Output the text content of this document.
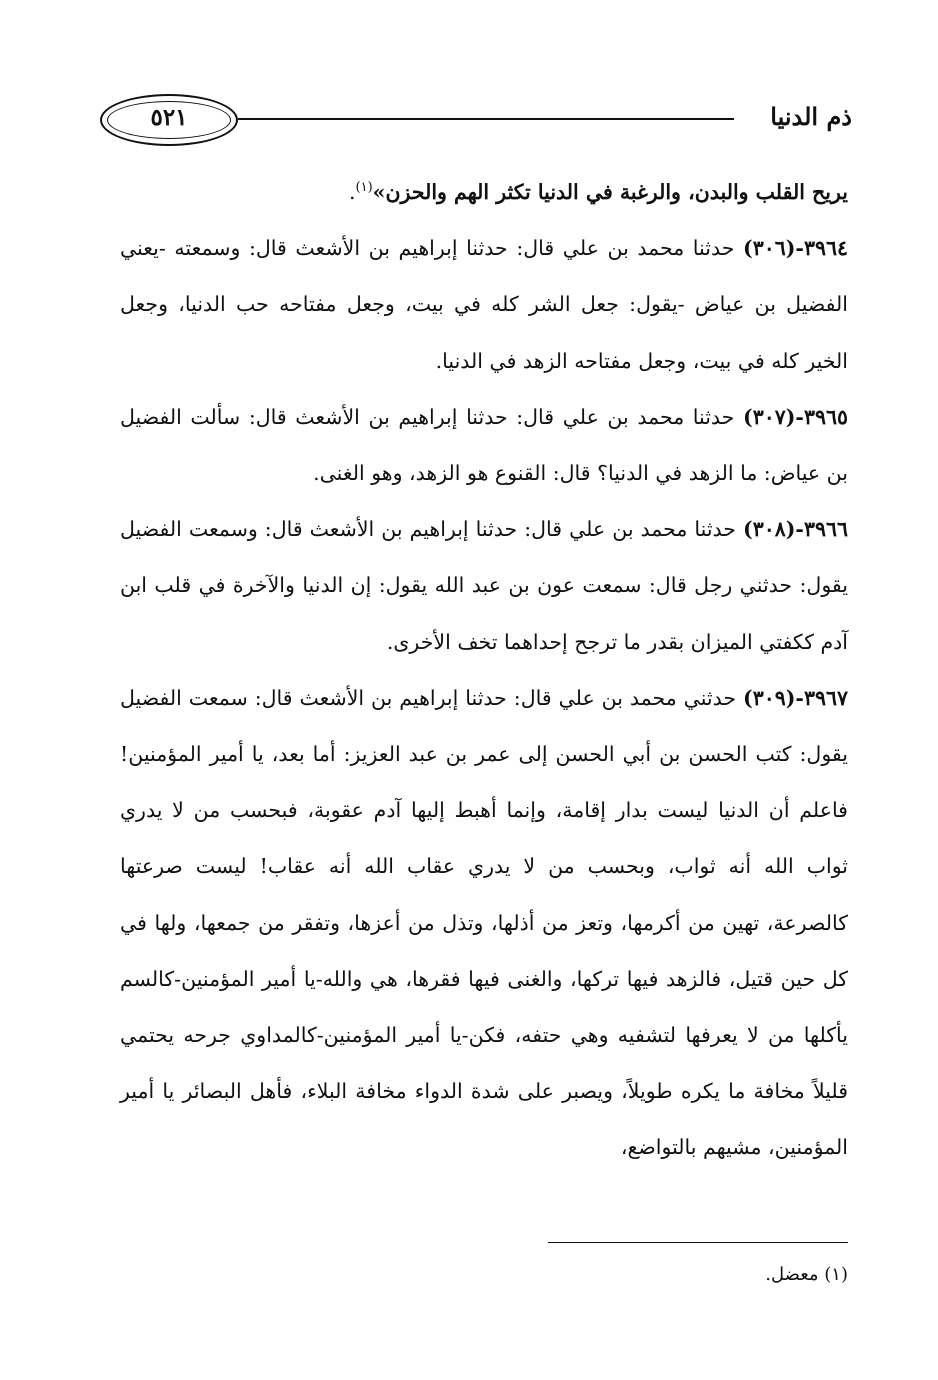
٥٢١	ذم الدنيا

يريح القلب والبدن، والرغبة في الدنيا تكثر الهم والحزن»$^{(١)}$.

٣٩٦٤-(٣٠٦) حدثنا محمد بن علي قال: حدثنا إبراهيم بن الأشعث قال: وسمعته -يعني الفضيل بن عياض -يقول: جعل الشر كله في بيت، وجعل مفتاحه حب الدنيا، وجعل الخير كله في بيت، وجعل مفتاحه الزهد في الدنيا.

٣٩٦٥-(٣٠٧) حدثنا محمد بن علي قال: حدثنا إبراهيم بن الأشعث قال: سألت الفضيل بن عياض: ما الزهد في الدنيا؟ قال: القنوع هو الزهد، وهو الغنى.

٣٩٦٦-(٣٠٨) حدثنا محمد بن علي قال: حدثنا إبراهيم بن الأشعث قال: وسمعت الفضيل يقول: حدثني رجل قال: سمعت عون بن عبد الله يقول: إن الدنيا والآخرة في قلب ابن آدم ككفتي الميزان بقدر ما ترجح إحداهما تخف الأخرى.

٣٩٦٧-(٣٠٩) حدثني محمد بن علي قال: حدثنا إبراهيم بن الأشعث قال: سمعت الفضيل يقول: كتب الحسن بن أبي الحسن إلى عمر بن عبد العزيز: أما بعد، يا أمير المؤمنين! فاعلم أن الدنيا ليست بدار إقامة، وإنما أهبط إليها آدم عقوبة، فبحسب من لا يدري ثواب الله أنه ثواب، وبحسب من لا يدري عقاب الله أنه عقاب! ليست صرعتها كالصرعة، تهين من أكرمها، وتعز من أذلها، وتذل من أعزها، وتفقر من جمعها، ولها في كل حين قتيل، فالزهد فيها تركها، والغنى فيها فقرها، هي والله-يا أمير المؤمنين-كالسم يأكلها من لا يعرفها لتشفيه وهي حتفه، فكن-يا أمير المؤمنين-كالمداوي جرحه يحتمي قليلاً مخافة ما يكره طويلاً، ويصبر على شدة الدواء مخافة البلاء، فأهل البصائر يا أمير المؤمنين، مشيهم بالتواضع،

(١) معضل.
